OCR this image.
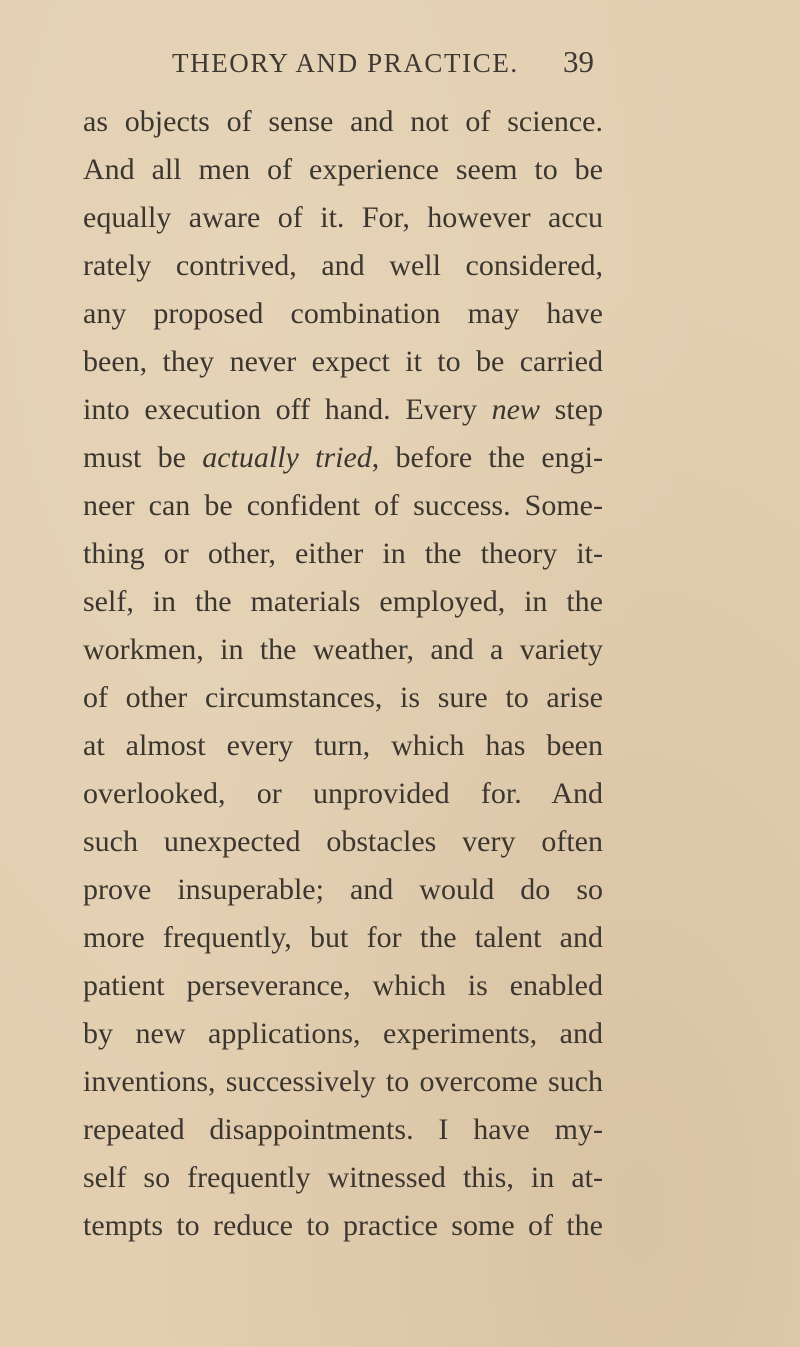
THEORY AND PRACTICE. 39
as objects of sense and not of science.
And all men of experience seem to be
equally aware of it. For, however accu
rately contrived, and well considered,
any proposed combination may have
been, they never expect it to be carried
into execution off hand. Every new step
must be actually tried, before the engi-
neer can be confident of success. Some-
thing or other, either in the theory it-
self, in the materials employed, in the
workmen, in the weather, and a variety
of other circumstances, is sure to arise
at almost every turn, which has been
overlooked, or unprovided for. And
such unexpected obstacles very often
prove insuperable; and would do so
more frequently, but for the talent and
patient perseverance, which is enabled
by new applications, experiments, and
inventions, successively to overcome such
repeated disappointments. I have my-
self so frequently witnessed this, in at-
tempts to reduce to practice some of the
